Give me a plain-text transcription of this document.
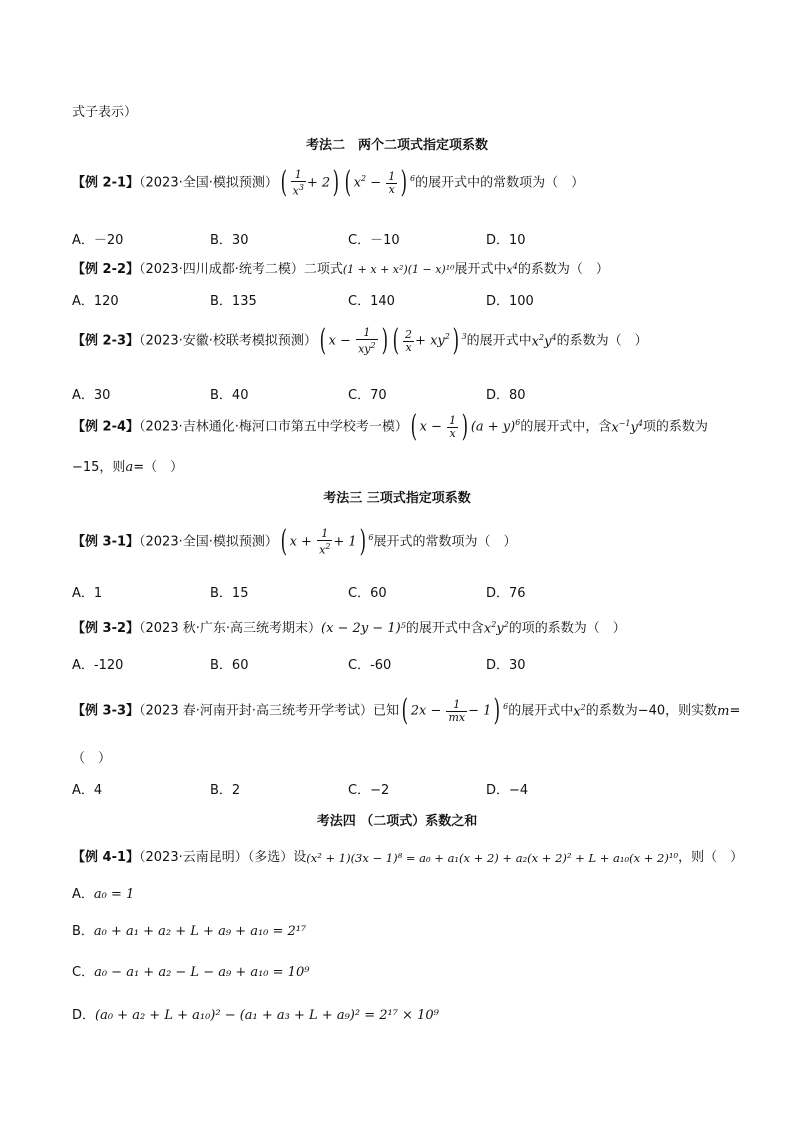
式子表示）
考法二　两个二项式指定项系数
【例 2-1】（2023·全国·模拟预测）( $\frac{1}{x^3} + 2$) ( $x^2 - \frac{1}{x}$ ) $^6$的展开式中的常数项为（　）
A．－20	B．30	C．－10	D．10
【例 2-2】（2023·四川成都·统考二模）二项式(1 + x + x²)(1 − x)¹⁰展开式中$x^4$的系数为（　）
A．120	B．135	C．140	D．100
【例 2-3】（2023·安徽·校联考模拟预测）( $x - \frac{1}{xy^2}$ ) ( $\frac{2}{x} + xy^2$) $^3$的展开式中$x^2y^4$的系数为（　）
A．30	B．40	C．70	D．80
【例 2-4】（2023·吉林通化·梅河口市第五中学校考一模）( $x - \frac{1}{x}$ ) $(a + y)^6$的展开式中，含$x^{-1}y^4$项的系数为
−15，则a=（　）
考法三 三项式指定项系数
【例 3-1】（2023·全国·模拟预测）( $x + \frac{1}{x^2} + 1$) $^6$展开式的常数项为（　）
A．1	B．15	C．60	D．76
【例 3-2】（2023 秋·广东·高三统考期末）(x − 2y − 1)⁵的展开式中含$x^2y^2$的项的系数为（　）
A．-120	B．60	C．-60	D．30
【例 3-3】（2023 春·河南开封·高三统考开学考试）已知( $2x - \frac{1}{mx} - 1$) $^6$的展开式中$x^2$的系数为−40，则实数m=
（　）
A．4	B．2	C．−2	D．−4
考法四 （二项式）系数之和
【例 4-1】（2023·云南昆明）（多选）设(x² + 1)(3x − 1)⁸ = a₀ + a₁(x + 2) + a₂(x + 2)² + L + a₁₀(x + 2)¹⁰，则（　）
A．a₀ = 1
B．a₀ + a₁ + a₂ + L + a₉ + a₁₀ = 2¹⁷
C．a₀ − a₁ + a₂ − L − a₉ + a₁₀ = 10⁹
D．(a₀ + a₂ + L + a₁₀)² − (a₁ + a₃ + L + a₉)² = 2¹⁷ × 10⁹
